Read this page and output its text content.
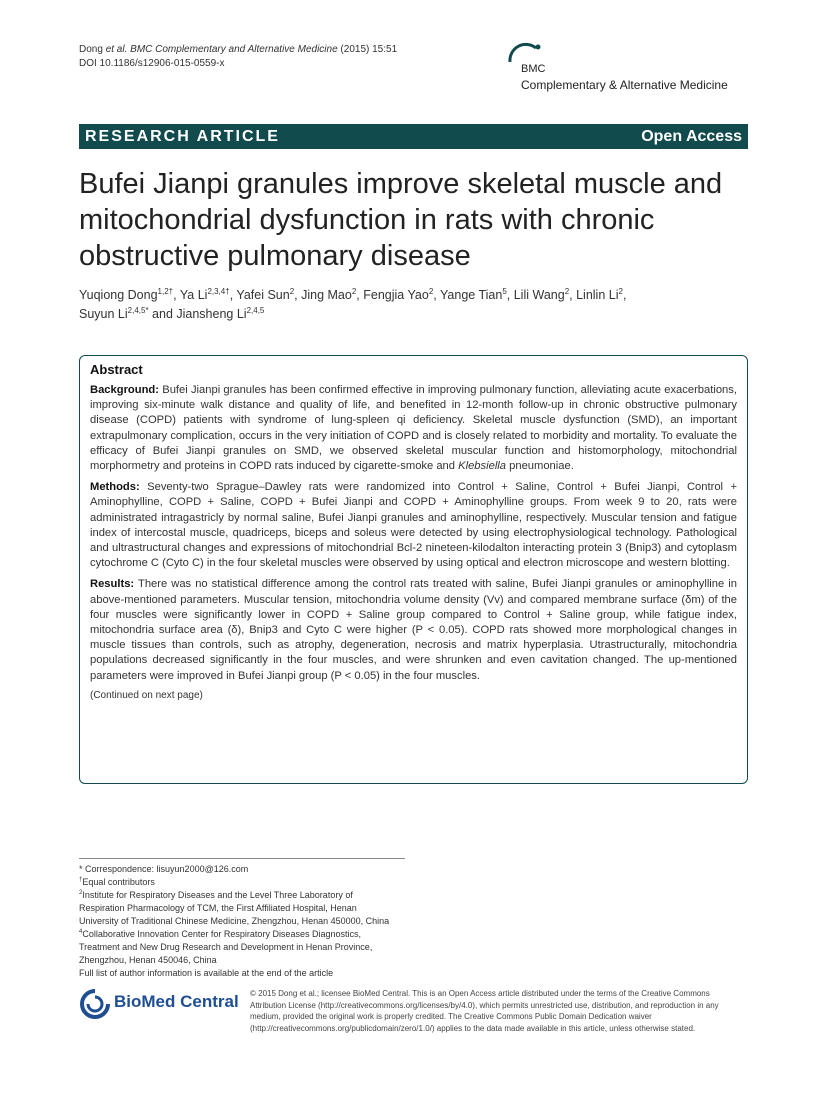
Dong et al. BMC Complementary and Alternative Medicine (2015) 15:51
DOI 10.1186/s12906-015-0559-x	BMC
Complementary & Alternative Medicine
RESEARCH ARTICLE	Open Access
Bufei Jianpi granules improve skeletal muscle and
mitochondrial dysfunction in rats with chronic
obstructive pulmonary disease
Yuqiong Dong$^{1,2\dagger}$, Ya $Li^{2,3,4\dagger}$, Yafei Sun$^2$, Jing Mao$^2$, Fengjia Yao$^2$, Yange Tian$^5$, Lili Wang$^2$, Linlin Li$^2$,
Suyun $Li^{2,4,5*}$ and Jiansheng Li$^{2,4,5}$
Abstract

Background: Bufei Jianpi granules has been confirmed effective in improving pulmonary function, alleviating acute exacerbations, improving six-minute walk distance and quality of life, and benefited in 12-month follow-up in chronic obstructive pulmonary disease (COPD) patients with syndrome of lung-spleen qi deficiency. Skeletal muscle dysfunction (SMD), an important extrapulmonary complication, occurs in the very initiation of COPD and is closely related to morbidity and mortality. To evaluate the efficacy of Bufei Jianpi granules on SMD, we observed skeletal muscular function and histomorphology, mitochondrial morphormetry and proteins in COPD rats induced by cigarette-smoke and Klebsiella pneumoniae.

Methods: Seventy-two Sprague–Dawley rats were randomized into Control + Saline, Control + Bufei Jianpi, Control + Aminophylline, COPD + Saline, COPD + Bufei Jianpi and COPD + Aminophylline groups. From week 9 to 20, rats were administrated intragastricly by normal saline, Bufei Jianpi granules and aminophylline, respectively. Muscular tension and fatigue index of intercostal muscle, quadriceps, biceps and soleus were detected by using electrophysiological technology. Pathological and ultrastructural changes and expressions of mitochondrial Bcl-2 nineteen-kilodalton interacting protein 3 (Bnip3) and cytoplasm cytochrome C (Cyto C) in the four skeletal muscles were observed by using optical and electron microscope and western blotting.

Results: There was no statistical difference among the control rats treated with saline, Bufei Jianpi granules or aminophylline in above-mentioned parameters. Muscular tension, mitochondria volume density (Vv) and compared membrane surface (δm) of the four muscles were significantly lower in COPD + Saline group compared to Control + Saline group, while fatigue index, mitochondria surface area (δ), Bnip3 and Cyto C were higher (P < 0.05). COPD rats showed more morphological changes in muscle tissues than controls, such as atrophy, degeneration, necrosis and matrix hyperplasia. Utrastructurally, mitochondria populations decreased significantly in the four muscles, and were shrunken and even cavitation changed. The up-mentioned parameters were improved in Bufei Jianpi group (P < 0.05) in the four muscles.

(Continued on next page)

* Correspondence: lisuyun2000@126.com
†Equal contributors
$^2$Institute for Respiratory Diseases and the Level Three Laboratory of
Respiration Pharmacology of TCM, the First Affiliated Hospital, Henan
University of Traditional Chinese Medicine, Zhengzhou, Henan 450000, China
$^4$Collaborative Innovation Center for Respiratory Diseases Diagnostics,
Treatment and New Drug Research and Development in Henan Province,
Zhengzhou, Henan 450046, China
Full list of author information is available at the end of the article
BioMed Central © 2015 Dong et al.; licensee BioMed Central. This is an Open Access article distributed under the terms of the Creative Commons Attribution License (http://creativecommons.org/licenses/by/4.0), which permits unrestricted use, distribution, and reproduction in any medium, provided the original work is properly credited. The Creative Commons Public Domain Dedication waiver (http://creativecommons.org/publicdomain/zero/1.0/) applies to the data made available in this article, unless otherwise stated.
